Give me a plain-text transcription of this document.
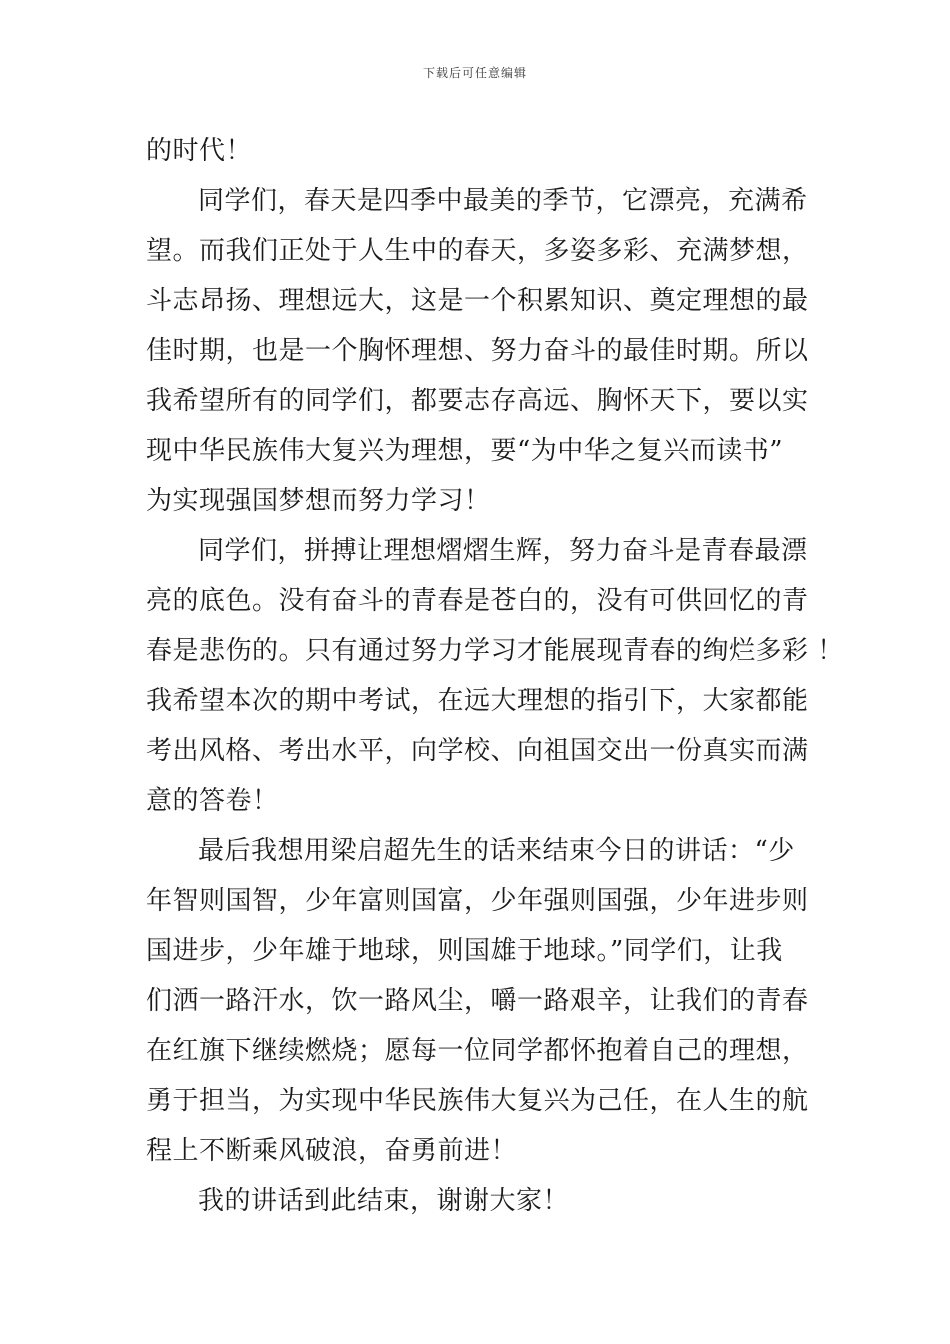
下载后可任意编辑
的时代！
同学们，春天是四季中最美的季节，它漂亮，充满希
望。而我们正处于人生中的春天，多姿多彩、充满梦想，
斗志昂扬、理想远大，这是一个积累知识、奠定理想的最
佳时期，也是一个胸怀理想、努力奋斗的最佳时期。所以
我希望所有的同学们，都要志存高远、胸怀天下，要以实
现中华民族伟大复兴为理想，要“为中华之复兴而读书”
为实现强国梦想而努力学习！
同学们，拼搏让理想熠熠生辉，努力奋斗是青春最漂
亮的底色。没有奋斗的青春是苍白的，没有可供回忆的青
春是悲伤的。只有通过努力学习才能展现青春的绚烂多彩 ！
我希望本次的期中考试，在远大理想的指引下，大家都能
考出风格、考出水平，向学校、向祖国交出一份真实而满
意的答卷！
最后我想用梁启超先生的话来结束今日的讲话：“少
年智则国智，少年富则国富，少年强则国强，少年进步则
国进步，少年雄于地球，则国雄于地球。”同学们，让我
们洒一路汗水，饮一路风尘，嚼一路艰辛，让我们的青春
在红旗下继续燃烧；愿每一位同学都怀抱着自己的理想，
勇于担当，为实现中华民族伟大复兴为己任，在人生的航
程上不断乘风破浪，奋勇前进！
我的讲话到此结束，谢谢大家！
